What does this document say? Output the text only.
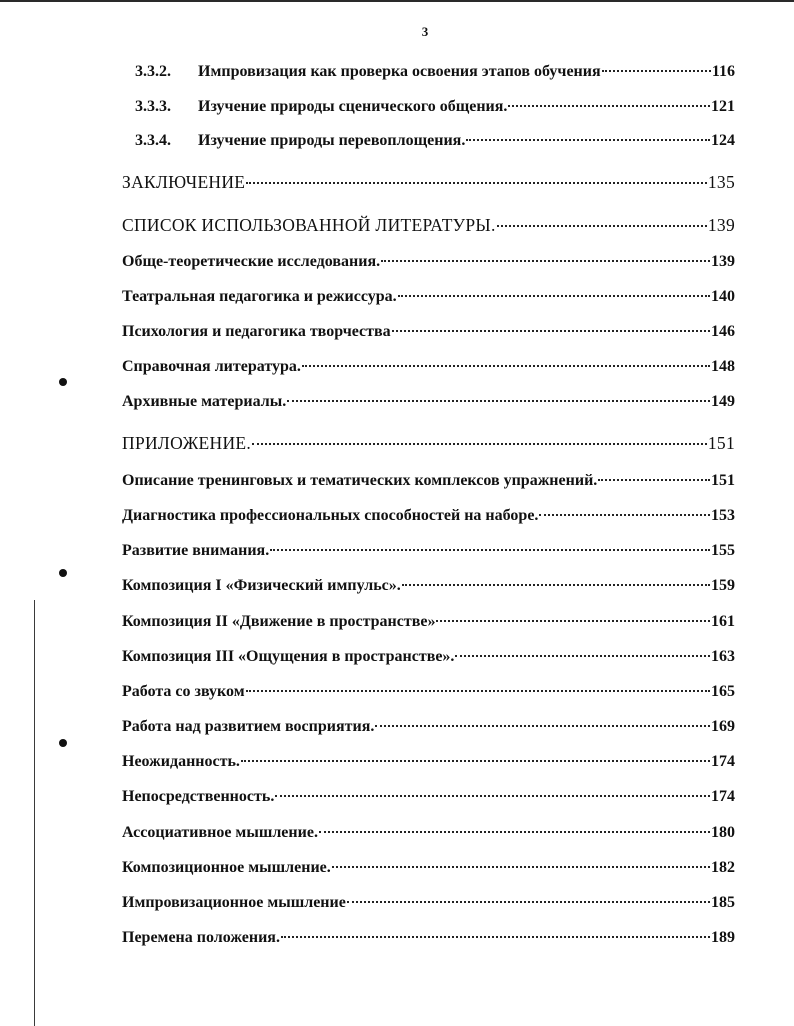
3
3.3.2.	Импровизация как проверка освоения этапов обучения	116
3.3.3.	Изучение природы сценического общения.	121
3.3.4.	Изучение природы перевоплощения.	124
ЗАКЛЮЧЕНИЕ	135
СПИСОК ИСПОЛЬЗОВАННОЙ ЛИТЕРАТУРЫ.	139
Обще-теоретические исследования.	139
Театральная педагогика и режиссура.	140
Психология и педагогика творчества	146
Справочная литература.	148
Архивные материалы.	149
ПРИЛОЖЕНИЕ.	151
Описание тренинговых и тематических комплексов упражнений.	151
Диагностика профессиональных способностей на наборе.	153
Развитие внимания.	155
Композиция I «Физический импульс».	159
Композиция II «Движение в пространстве»	161
Композиция III «Ощущения в пространстве».	163
Работа со звуком	165
Работа над развитием восприятия.	169
Неожиданность.	174
Непосредственность.	174
Ассоциативное мышление.	180
Композиционное мышление.	182
Импровизационное мышление	185
Перемена положения.	189
